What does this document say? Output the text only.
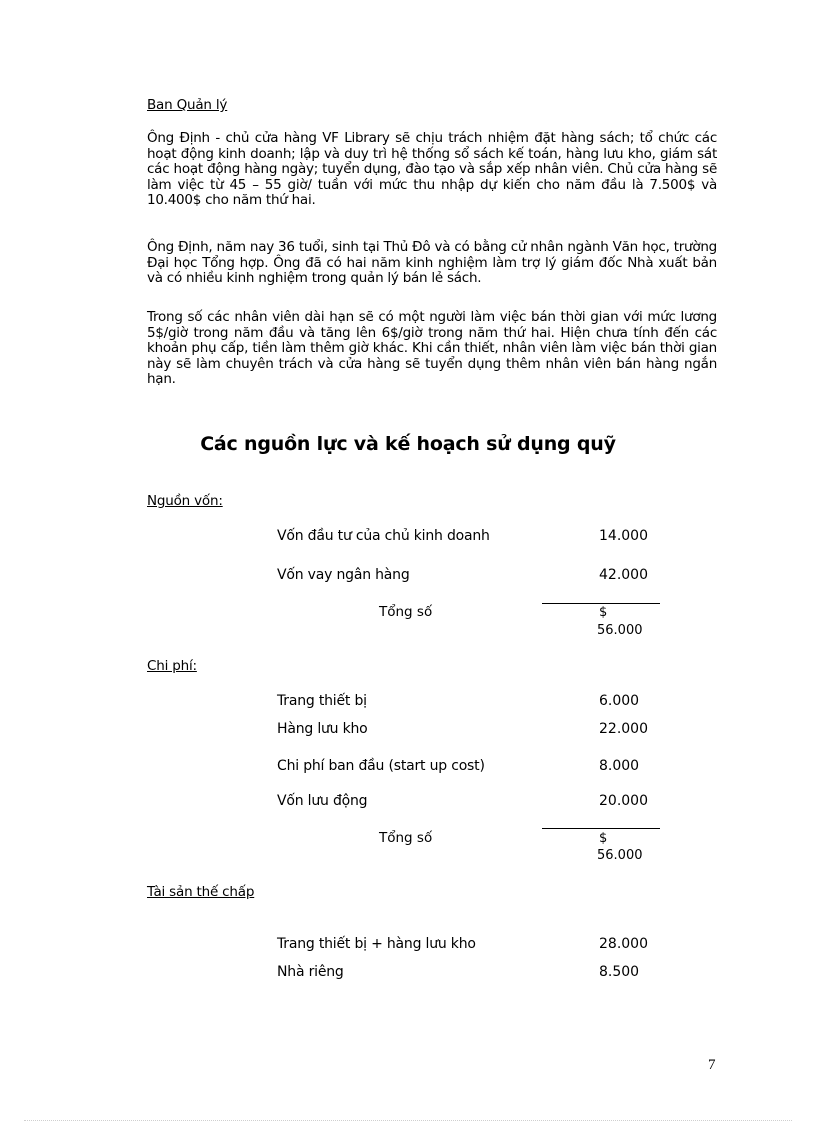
Ban Quản lý

Ông Định - chủ cửa hàng VF Library sẽ chịu trách nhiệm đặt hàng sách; tổ chức các hoạt động kinh doanh; lập và duy trì hệ thống sổ sách kế toán, hàng lưu kho, giám sát các hoạt động hàng ngày; tuyển dụng, đào tạo và sắp xếp nhân viên. Chủ cửa hàng sẽ làm việc từ 45 – 55 giờ/ tuần với mức thu nhập dự kiến cho năm đầu là 7.500$ và 10.400$ cho năm thứ hai.

Ông Định, năm nay 36 tuổi, sinh tại Thủ Đô và có bằng cử nhân ngành Văn học, trường Đại học Tổng hợp. Ông đã có hai năm kinh nghiệm làm trợ lý giám đốc Nhà xuất bản và có nhiều kinh nghiệm trong quản lý bán lẻ sách.

Trong số các nhân viên dài hạn sẽ có một người làm việc bán thời gian với mức lương 5$/giờ trong năm đầu và tăng lên 6$/giờ trong năm thứ hai. Hiện chưa tính đến các khoản phụ cấp, tiền làm thêm giờ khác. Khi cần thiết, nhân viên làm việc bán thời gian này sẽ làm chuyên trách và cửa hàng sẽ tuyển dụng thêm nhân viên bán hàng ngắn hạn.

Các nguồn lực và kế hoạch sử dụng quỹ
Nguồn vốn:
Vốn đầu tư của chủ kinh doanh	14.000
Vốn vay ngân hàng	42.000
Tổng số	$
56.000
Chi phí:
Trang thiết bị	6.000
Hàng lưu kho	22.000
Chi phí ban đầu (start up cost)	8.000
Vốn lưu động	20.000
Tổng số	$
56.000
Tài sản thế chấp
Trang thiết bị + hàng lưu kho	28.000
Nhà riêng	8.500
7
